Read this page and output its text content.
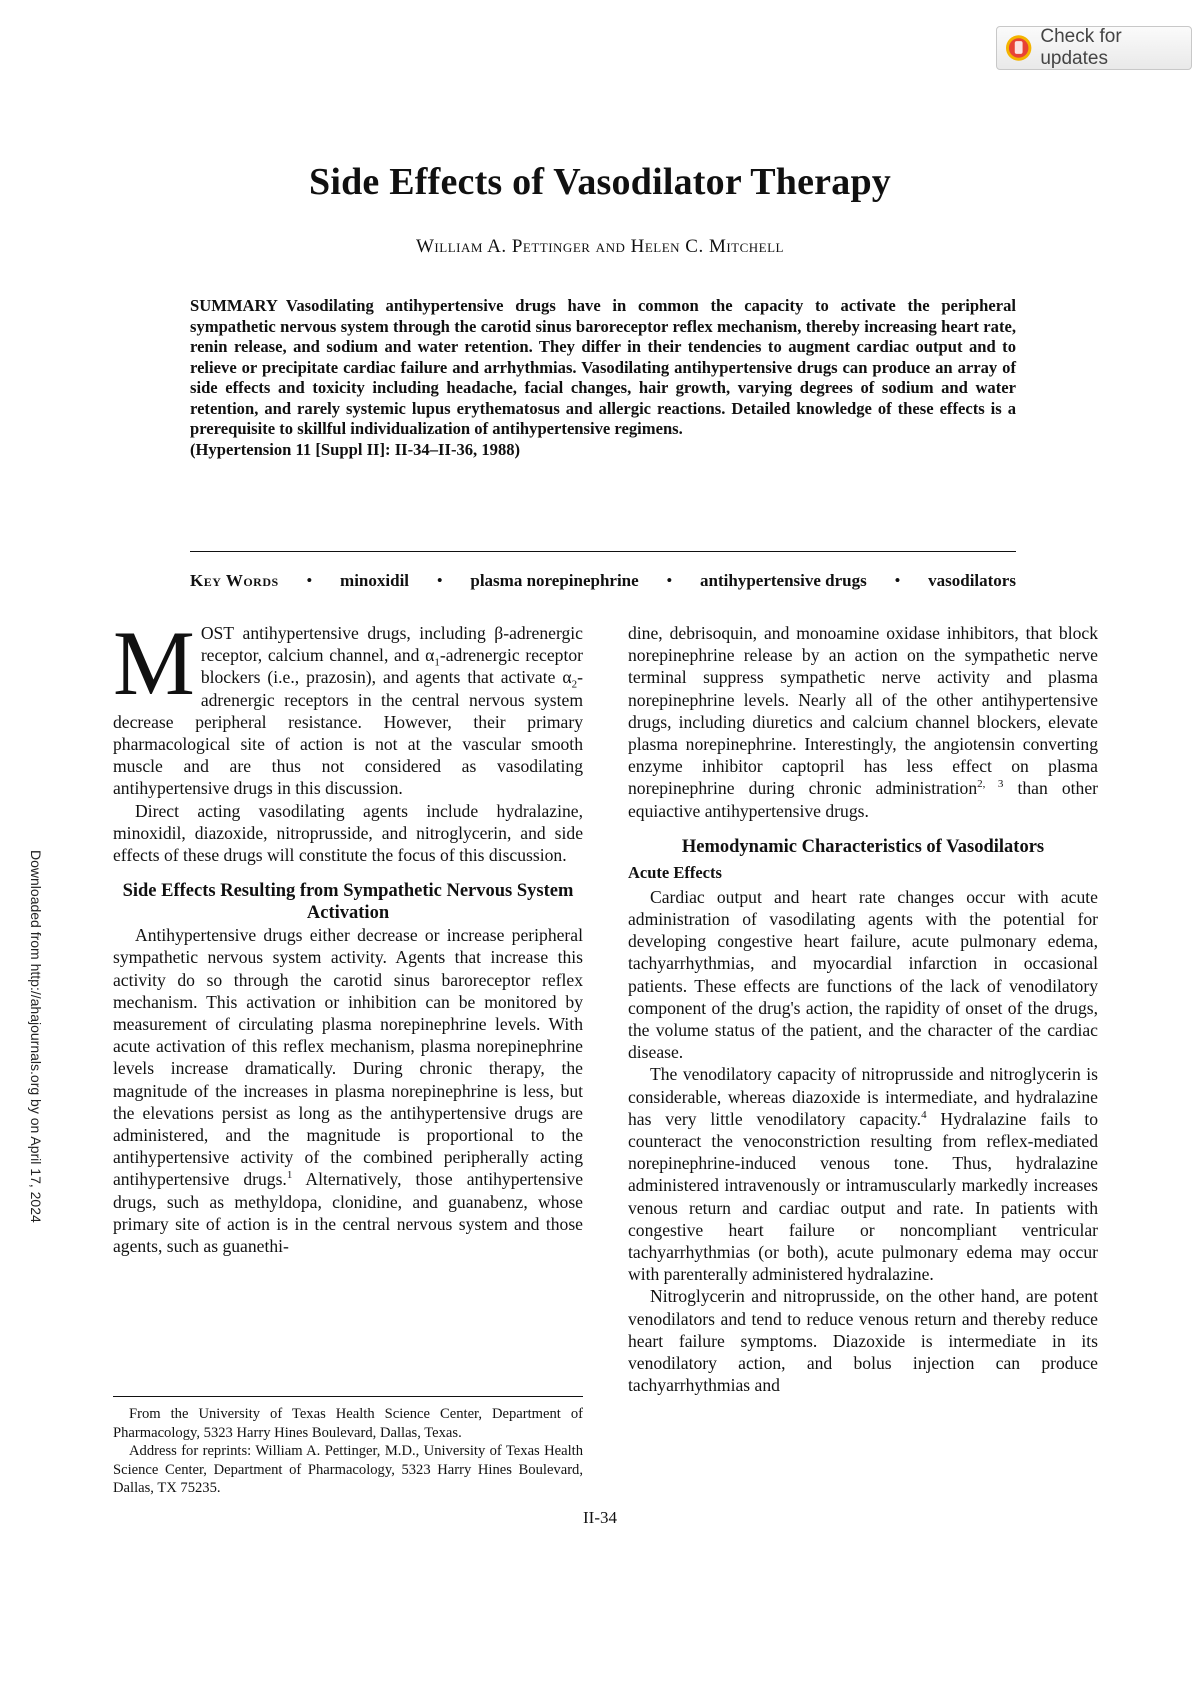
Check for updates
Side Effects of Vasodilator Therapy
William A. Pettinger and Helen C. Mitchell
SUMMARY Vasodilating antihypertensive drugs have in common the capacity to activate the peripheral sympathetic nervous system through the carotid sinus baroreceptor reflex mechanism, thereby increasing heart rate, renin release, and sodium and water retention. They differ in their tendencies to augment cardiac output and to relieve or precipitate cardiac failure and arrhythmias. Vasodilating antihypertensive drugs can produce an array of side effects and toxicity including headache, facial changes, hair growth, varying degrees of sodium and water retention, and rarely systemic lupus erythematosus and allergic reactions. Detailed knowledge of these effects is a prerequisite to skillful individualization of antihypertensive regimens.
(Hypertension 11 [Suppl II]: II-34–II-36, 1988)
Key Words • minoxidil • plasma norepinephrine • antihypertensive drugs • vasodilators

MOST antihypertensive drugs, including β-adrenergic receptor, calcium channel, and $\alpha_1$-adrenergic receptor blockers (i.e., prazosin), and agents that activate $\alpha_2$-adrenergic receptors in the central nervous system decrease peripheral resistance. However, their primary pharmacological site of action is not at the vascular smooth muscle and are thus not considered as vasodilating antihypertensive drugs in this discussion.

Direct acting vasodilating agents include hydralazine, minoxidil, diazoxide, nitroprusside, and nitroglycerin, and side effects of these drugs will constitute the focus of this discussion.

Side Effects Resulting from Sympathetic Nervous System Activation

Antihypertensive drugs either decrease or increase peripheral sympathetic nervous system activity. Agents that increase this activity do so through the carotid sinus baroreceptor reflex mechanism. This activation or inhibition can be monitored by measurement of circulating plasma norepinephrine levels. With acute activation of this reflex mechanism, plasma norepinephrine levels increase dramatically. During chronic therapy, the magnitude of the increases in plasma norepinephrine is less, but the elevations persist as long as the antihypertensive drugs are administered, and the magnitude is proportional to the antihypertensive activity of the combined peripherally acting antihypertensive drugs.$^1$ Alternatively, those antihypertensive drugs, such as methyldopa, clonidine, and guanabenz, whose primary site of action is in the central nervous system and those agents, such as guanethi-

From the University of Texas Health Science Center, Department of Pharmacology, 5323 Harry Hines Boulevard, Dallas, Texas.

Address for reprints: William A. Pettinger, M.D., University of Texas Health Science Center, Department of Pharmacology, 5323 Harry Hines Boulevard, Dallas, TX 75235.

dine, debrisoquin, and monoamine oxidase inhibitors, that block norepinephrine release by an action on the sympathetic nerve terminal suppress sympathetic nerve activity and plasma norepinephrine levels. Nearly all of the other antihypertensive drugs, including diuretics and calcium channel blockers, elevate plasma norepinephrine. Interestingly, the angiotensin converting enzyme inhibitor captopril has less effect on plasma norepinephrine during chronic administration$^{2, 3}$ than other equiactive antihypertensive drugs.

Hemodynamic Characteristics of Vasodilators
Acute Effects

Cardiac output and heart rate changes occur with acute administration of vasodilating agents with the potential for developing congestive heart failure, acute pulmonary edema, tachyarrhythmias, and myocardial infarction in occasional patients. These effects are functions of the lack of venodilatory component of the drug's action, the rapidity of onset of the drugs, the volume status of the patient, and the character of the cardiac disease.

The venodilatory capacity of nitroprusside and nitroglycerin is considerable, whereas diazoxide is intermediate, and hydralazine has very little venodilatory capacity.$^4$ Hydralazine fails to counteract the venoconstriction resulting from reflex-mediated norepinephrine-induced venous tone. Thus, hydralazine administered intravenously or intramuscularly markedly increases venous return and cardiac output and rate. In patients with congestive heart failure or noncompliant ventricular tachyarrhythmias (or both), acute pulmonary edema may occur with parenterally administered hydralazine.

Nitroglycerin and nitroprusside, on the other hand, are potent venodilators and tend to reduce venous return and thereby reduce heart failure symptoms. Diazoxide is intermediate in its venodilatory action, and bolus injection can produce tachyarrhythmias and

II-34
Downloaded from http://ahajournals.org by on April 17, 2024
